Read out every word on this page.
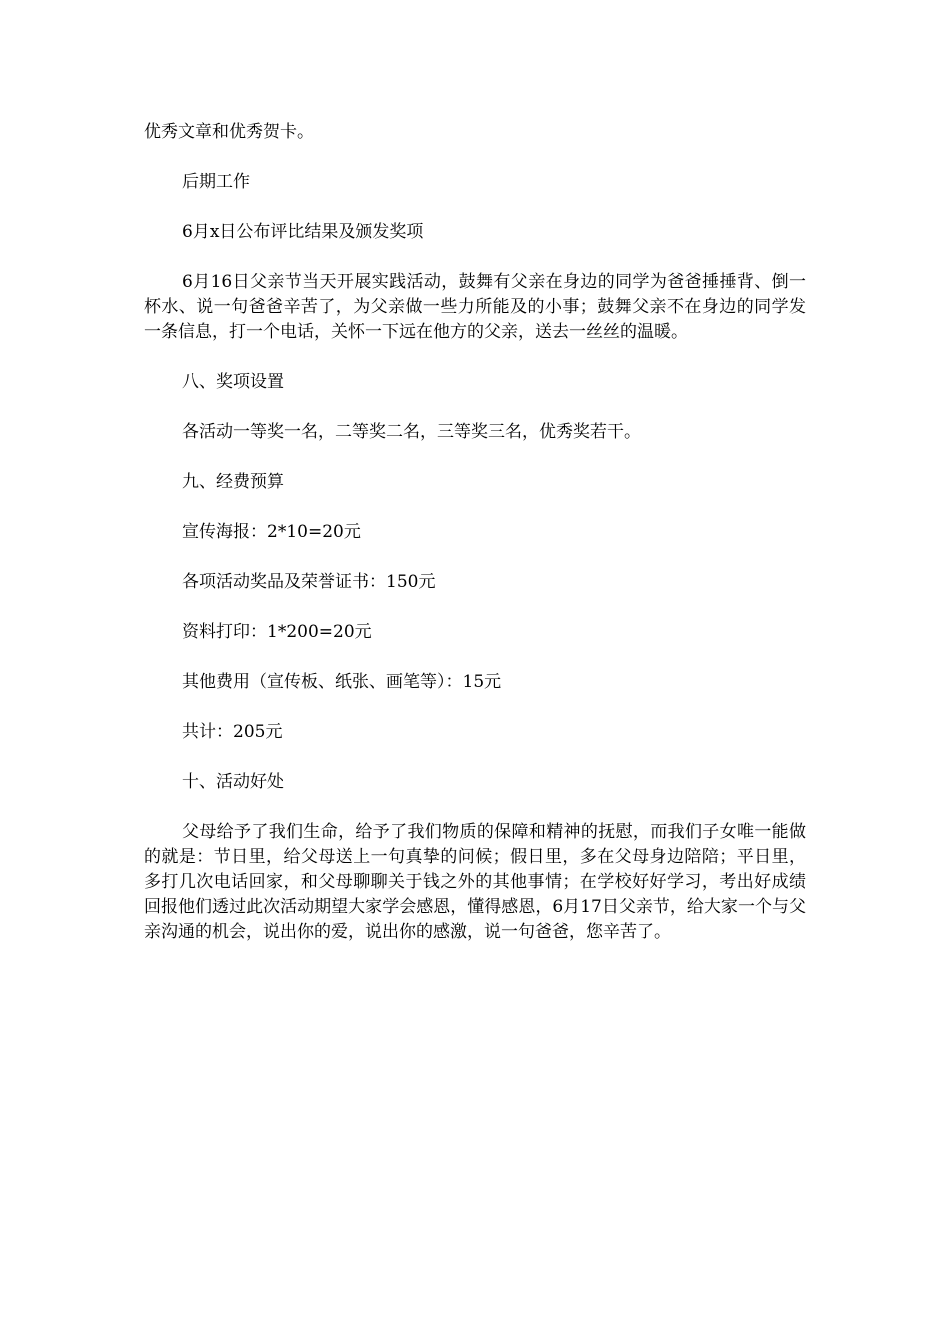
优秀文章和优秀贺卡。

后期工作

6月x日公布评比结果及颁发奖项

6月16日父亲节当天开展实践活动，鼓舞有父亲在身边的同学为爸爸捶捶背、倒一杯水、说一句爸爸辛苦了，为父亲做一些力所能及的小事；鼓舞父亲不在身边的同学发一条信息，打一个电话，关怀一下远在他方的父亲，送去一丝丝的温暖。

八、奖项设置

各活动一等奖一名，二等奖二名，三等奖三名，优秀奖若干。

九、经费预算

宣传海报：2*10=20元

各项活动奖品及荣誉证书：150元

资料打印：1*200=20元

其他费用（宣传板、纸张、画笔等）：15元

共计：205元

十、活动好处

父母给予了我们生命，给予了我们物质的保障和精神的抚慰，而我们子女唯一能做的就是：节日里，给父母送上一句真挚的问候；假日里，多在父母身边陪陪；平日里，多打几次电话回家，和父母聊聊关于钱之外的其他事情；在学校好好学习，考出好成绩回报他们透过此次活动期望大家学会感恩，懂得感恩，6月17日父亲节，给大家一个与父亲沟通的机会，说出你的爱，说出你的感激，说一句爸爸，您辛苦了。
